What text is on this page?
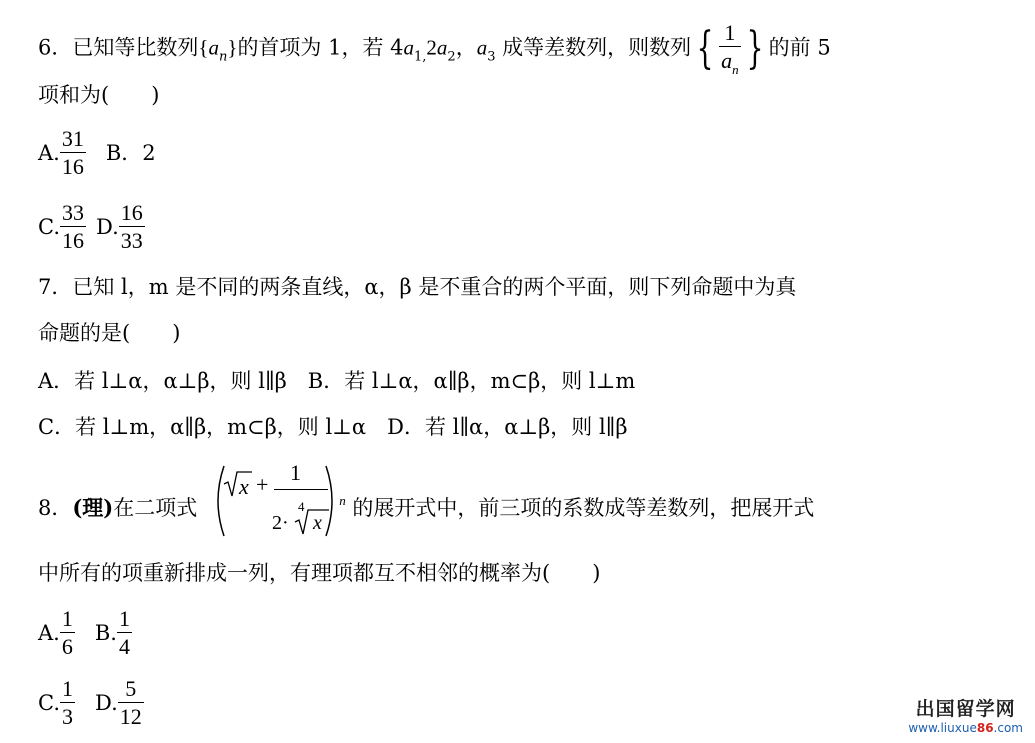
6．已知等比数列$\{a_n\}$的首项为 1，若 $4a_{1,}2a_2$，$a_3$ 成等差数列，则数列 { $\frac{1}{a_n}$ } 的前 5
项和为(　　)
A. $\frac{31}{16}$ B．2
C. $\frac{33}{16} D$. $\frac{16}{33}$
7．已知 l，m 是不同的两条直线，α，β 是不重合的两个平面，则下列命题中为真
命题的是(　　)
A．若 l⊥α，α⊥β，则 l∥β　B．若 l⊥α，α∥β，m⊂β，则 l⊥m
C．若 l⊥m，α∥β，m⊂β，则 l⊥α　D．若 l∥α，α⊥β，则 l∥β
8．(理)在二项式	$^n$ 的展开式中，前三项的系数成等差数列，把展开式
x + 1
2·
4
x
中所有的项重新排成一列，有理项都互不相邻的概率为(　　)
A. $\frac{1}{6} B$. $\frac{1}{4}$
C. $\frac{1}{3} D$. $\frac{5}{12}$	出国留学网
www.liuxue86.com
